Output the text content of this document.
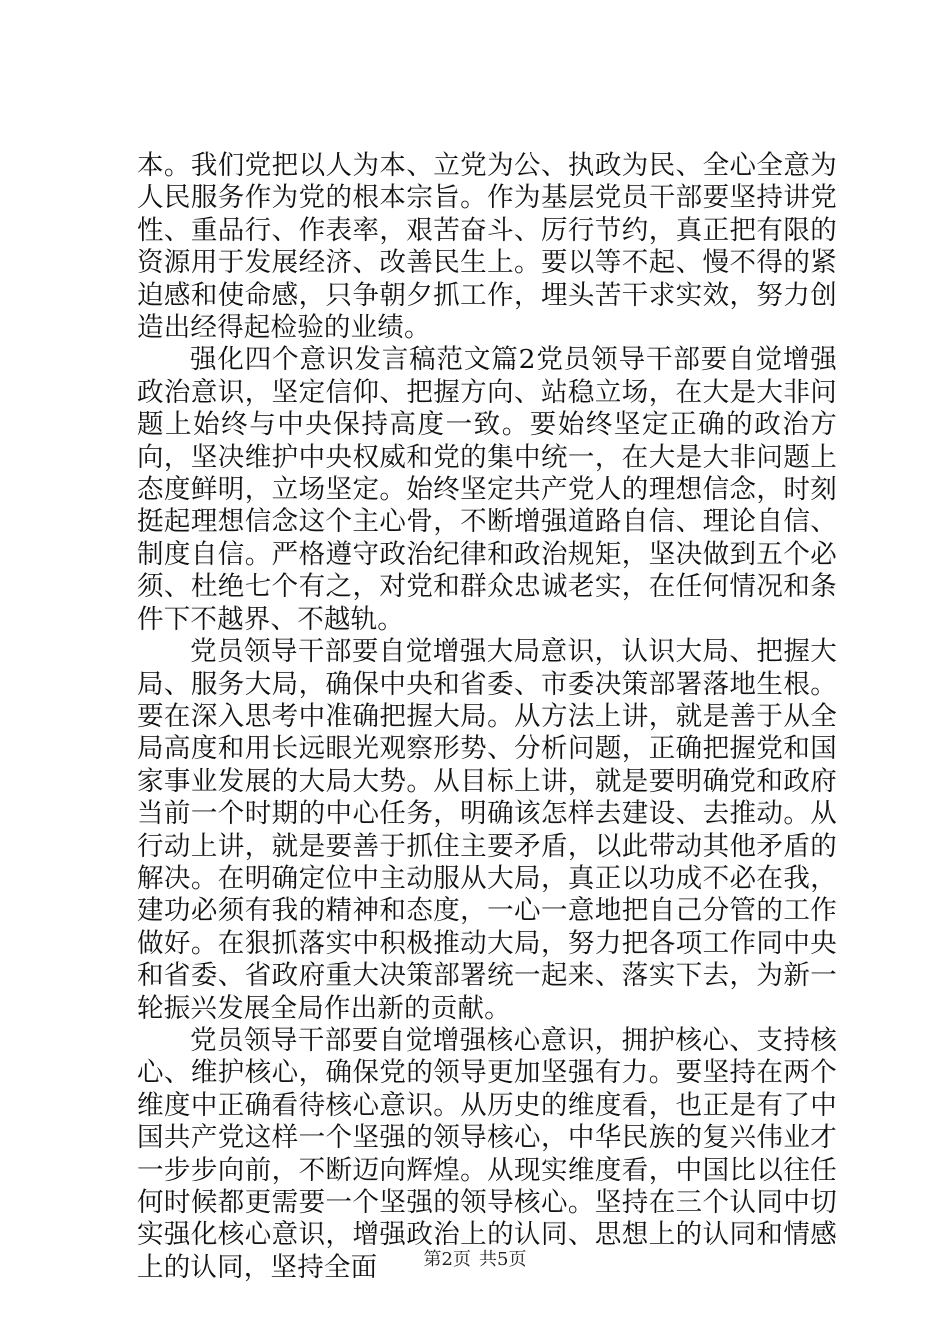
本。我们党把以人为本、立党为公、执政为民、全心全意为人民服务作为党的根本宗旨。作为基层党员干部要坚持讲党性、重品行、作表率，艰苦奋斗、厉行节约，真正把有限的资源用于发展经济、改善民生上。要以等不起、慢不得的紧迫感和使命感，只争朝夕抓工作，埋头苦干求实效，努力创造出经得起检验的业绩。

强化四个意识发言稿范文篇2党员领导干部要自觉增强政治意识，坚定信仰、把握方向、站稳立场，在大是大非问题上始终与中央保持高度一致。要始终坚定正确的政治方向，坚决维护中央权威和党的集中统一，在大是大非问题上态度鲜明，立场坚定。始终坚定共产党人的理想信念，时刻挺起理想信念这个主心骨，不断增强道路自信、理论自信、制度自信。严格遵守政治纪律和政治规矩，坚决做到五个必须、杜绝七个有之，对党和群众忠诚老实，在任何情况和条件下不越界、不越轨。

党员领导干部要自觉增强大局意识，认识大局、把握大局、服务大局，确保中央和省委、市委决策部署落地生根。要在深入思考中准确把握大局。从方法上讲，就是善于从全局高度和用长远眼光观察形势、分析问题，正确把握党和国家事业发展的大局大势。从目标上讲，就是要明确党和政府当前一个时期的中心任务，明确该怎样去建设、去推动。从行动上讲，就是要善于抓住主要矛盾，以此带动其他矛盾的解决。在明确定位中主动服从大局，真正以功成不必在我，建功必须有我的精神和态度，一心一意地把自己分管的工作做好。在狠抓落实中积极推动大局，努力把各项工作同中央和省委、省政府重大决策部署统一起来、落实下去，为新一轮振兴发展全局作出新的贡献。

党员领导干部要自觉增强核心意识，拥护核心、支持核心、维护核心，确保党的领导更加坚强有力。要坚持在两个维度中正确看待核心意识。从历史的维度看，也正是有了中国共产党这样一个坚强的领导核心，中华民族的复兴伟业才一步步向前，不断迈向辉煌。从现实维度看，中国比以往任何时候都更需要一个坚强的领导核心。坚持在三个认同中切实强化核心意识，增强政治上的认同、思想上的认同和情感上的认同，坚持全面	第2页 共5页
